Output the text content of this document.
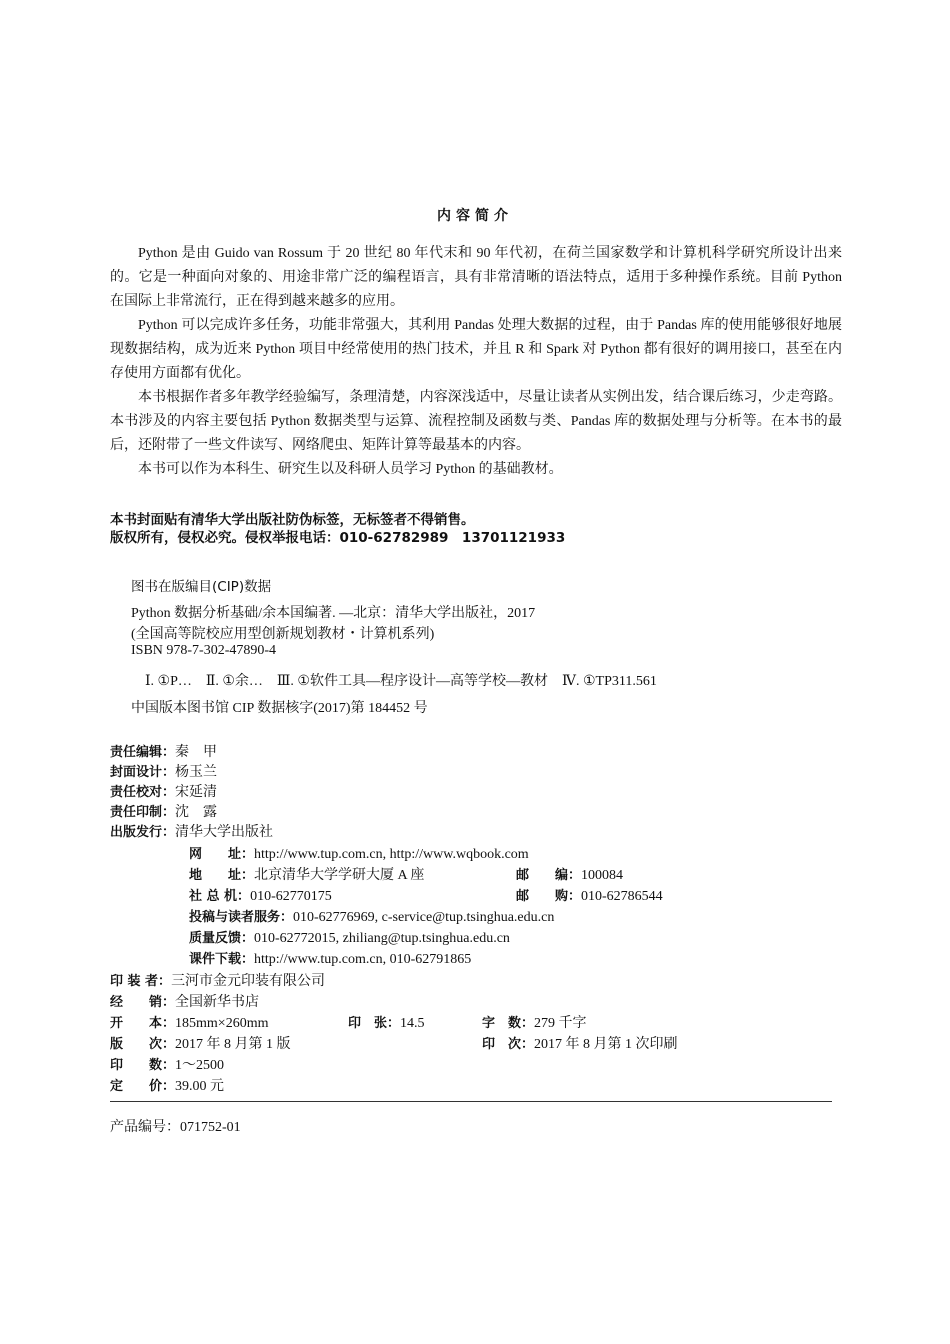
内容简介
Python 是由 Guido van Rossum 于 20 世纪 80 年代末和 90 年代初，在荷兰国家数学和计算机科学研究所设计出来的。它是一种面向对象的、用途非常广泛的编程语言，具有非常清晰的语法特点，适用于多种操作系统。目前 Python 在国际上非常流行，正在得到越来越多的应用。
Python 可以完成许多任务，功能非常强大，其利用 Pandas 处理大数据的过程，由于 Pandas 库的使用能够很好地展现数据结构，成为近来 Python 项目中经常使用的热门技术，并且 R 和 Spark 对 Python 都有很好的调用接口，甚至在内存使用方面都有优化。
本书根据作者多年教学经验编写，条理清楚，内容深浅适中，尽量让读者从实例出发，结合课后练习，少走弯路。本书涉及的内容主要包括 Python 数据类型与运算、流程控制及函数与类、Pandas 库的数据处理与分析等。在本书的最后，还附带了一些文件读写、网络爬虫、矩阵计算等最基本的内容。
本书可以作为本科生、研究生以及科研人员学习 Python 的基础教材。
本书封面贴有清华大学出版社防伪标签，无标签者不得销售。
版权所有，侵权必究。侵权举报电话：010-62782989　13701121933
图书在版编目(CIP)数据
Python 数据分析基础/余本国编著. —北京：清华大学出版社，2017
(全国高等院校应用型创新规划教材・计算机系列)
ISBN 978-7-302-47890-4
Ⅰ. ①P…　Ⅱ. ①余…　Ⅲ. ①软件工具—程序设计—高等学校—教材　Ⅳ. ①TP311.561
中国版本图书馆 CIP 数据核字(2017)第 184452 号
责任编辑：秦　甲
封面设计：杨玉兰
责任校对：宋延清
责任印制：沈　露
出版发行：清华大学出版社
网　　址：http://www.tup.com.cn, http://www.wqbook.com
地　　址：北京清华大学学研大厦 A 座	邮　　编：100084
社 总 机：010-62770175	邮　　购：010-62786544
投稿与读者服务：010-62776969, c-service@tup.tsinghua.edu.cn
质量反馈：010-62772015, zhiliang@tup.tsinghua.edu.cn
课件下载：http://www.tup.com.cn, 010-62791865
印 装 者：三河市金元印装有限公司
经　　销：全国新华书店
开　　本：185mm×260mm	印　张：14.5	字　数：279 千字
版　　次：2017 年 8 月第 1 版	印　次：2017 年 8 月第 1 次印刷
印　　数：1～2500
定　　价：39.00 元
产品编号：071752-01
